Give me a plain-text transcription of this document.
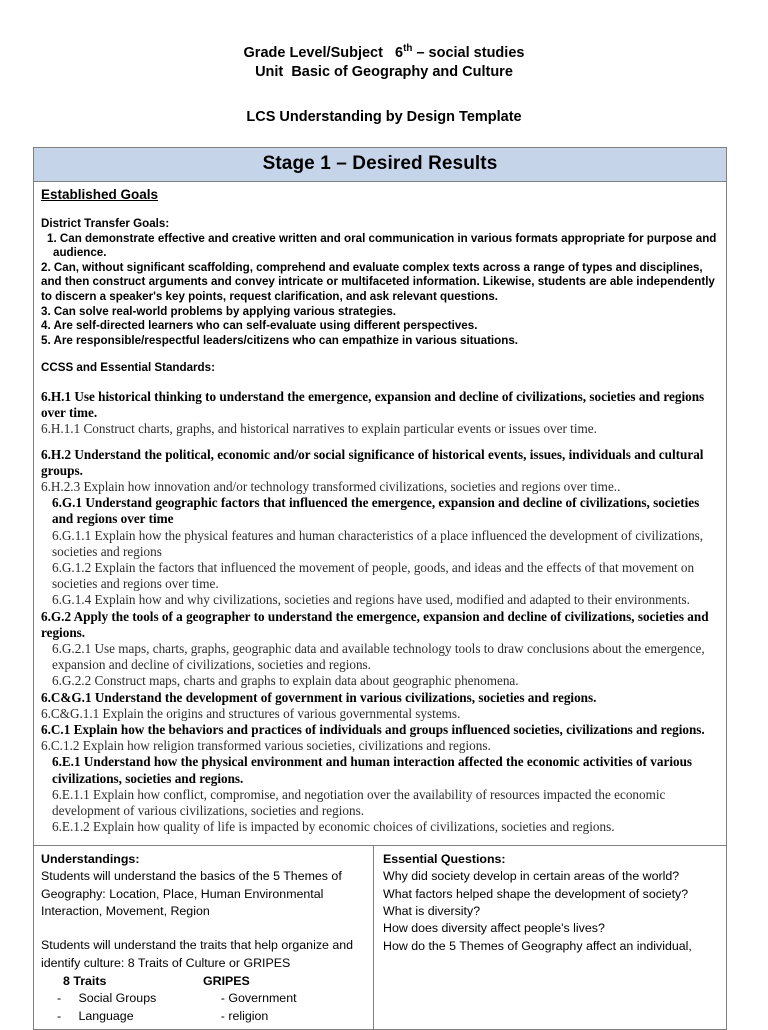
Grade Level/Subject 6th – social studies
Unit Basic of Geography and Culture
LCS Understanding by Design Template
Stage 1 – Desired Results
Established Goals

District Transfer Goals:

1. Can demonstrate effective and creative written and oral communication in various formats appropriate for purpose and audience.

2. Can, without significant scaffolding, comprehend and evaluate complex texts across a range of types and disciplines, and then construct arguments and convey intricate or multifaceted information. Likewise, students are able independently to discern a speaker's key points, request clarification, and ask relevant questions.

3. Can solve real-world problems by applying various strategies.

4. Are self-directed learners who can self-evaluate using different perspectives.

5. Are responsible/respectful leaders/citizens who can empathize in various situations.

CCSS and Essential Standards:

6.H.1 Use historical thinking to understand the emergence, expansion and decline of civilizations, societies and regions over time.

6.H.1.1 Construct charts, graphs, and historical narratives to explain particular events or issues over time.

6.H.2 Understand the political, economic and/or social significance of historical events, issues, individuals and cultural groups.

6.H.2.3 Explain how innovation and/or technology transformed civilizations, societies and regions over time..

6.G.1 Understand geographic factors that influenced the emergence, expansion and decline of civilizations, societies and regions over time

6.G.1.1 Explain how the physical features and human characteristics of a place influenced the development of civilizations, societies and regions

6.G.1.2 Explain the factors that influenced the movement of people, goods, and ideas and the effects of that movement on societies and regions over time.

6.G.1.4 Explain how and why civilizations, societies and regions have used, modified and adapted to their environments.

6.G.2 Apply the tools of a geographer to understand the emergence, expansion and decline of civilizations, societies and regions.

6.G.2.1 Use maps, charts, graphs, geographic data and available technology tools to draw conclusions about the emergence, expansion and decline of civilizations, societies and regions.

6.G.2.2 Construct maps, charts and graphs to explain data about geographic phenomena.

6.C&G.1 Understand the development of government in various civilizations, societies and regions.

6.C&G.1.1 Explain the origins and structures of various governmental systems.

6.C.1 Explain how the behaviors and practices of individuals and groups influenced societies, civilizations and regions.

6.C.1.2 Explain how religion transformed various societies, civilizations and regions.

6.E.1 Understand how the physical environment and human interaction affected the economic activities of various civilizations, societies and regions.

6.E.1.1 Explain how conflict, compromise, and negotiation over the availability of resources impacted the economic development of various civilizations, societies and regions.

6.E.1.2 Explain how quality of life is impacted by economic choices of civilizations, societies and regions.

Understandings:

Students will understand the basics of the 5 Themes of Geography: Location, Place, Human Environmental Interaction, Movement, Region

Students will understand the traits that help organize and identify culture: 8 Traits of Culture or GRIPES

8 Traits	GRIPES
-	Social Groups	- Government
-	Language	- religion
Essential Questions:

Why did society develop in certain areas of the world?

What factors helped shape the development of society?

What is diversity?

How does diversity affect people's lives?

How do the 5 Themes of Geography affect an individual,
